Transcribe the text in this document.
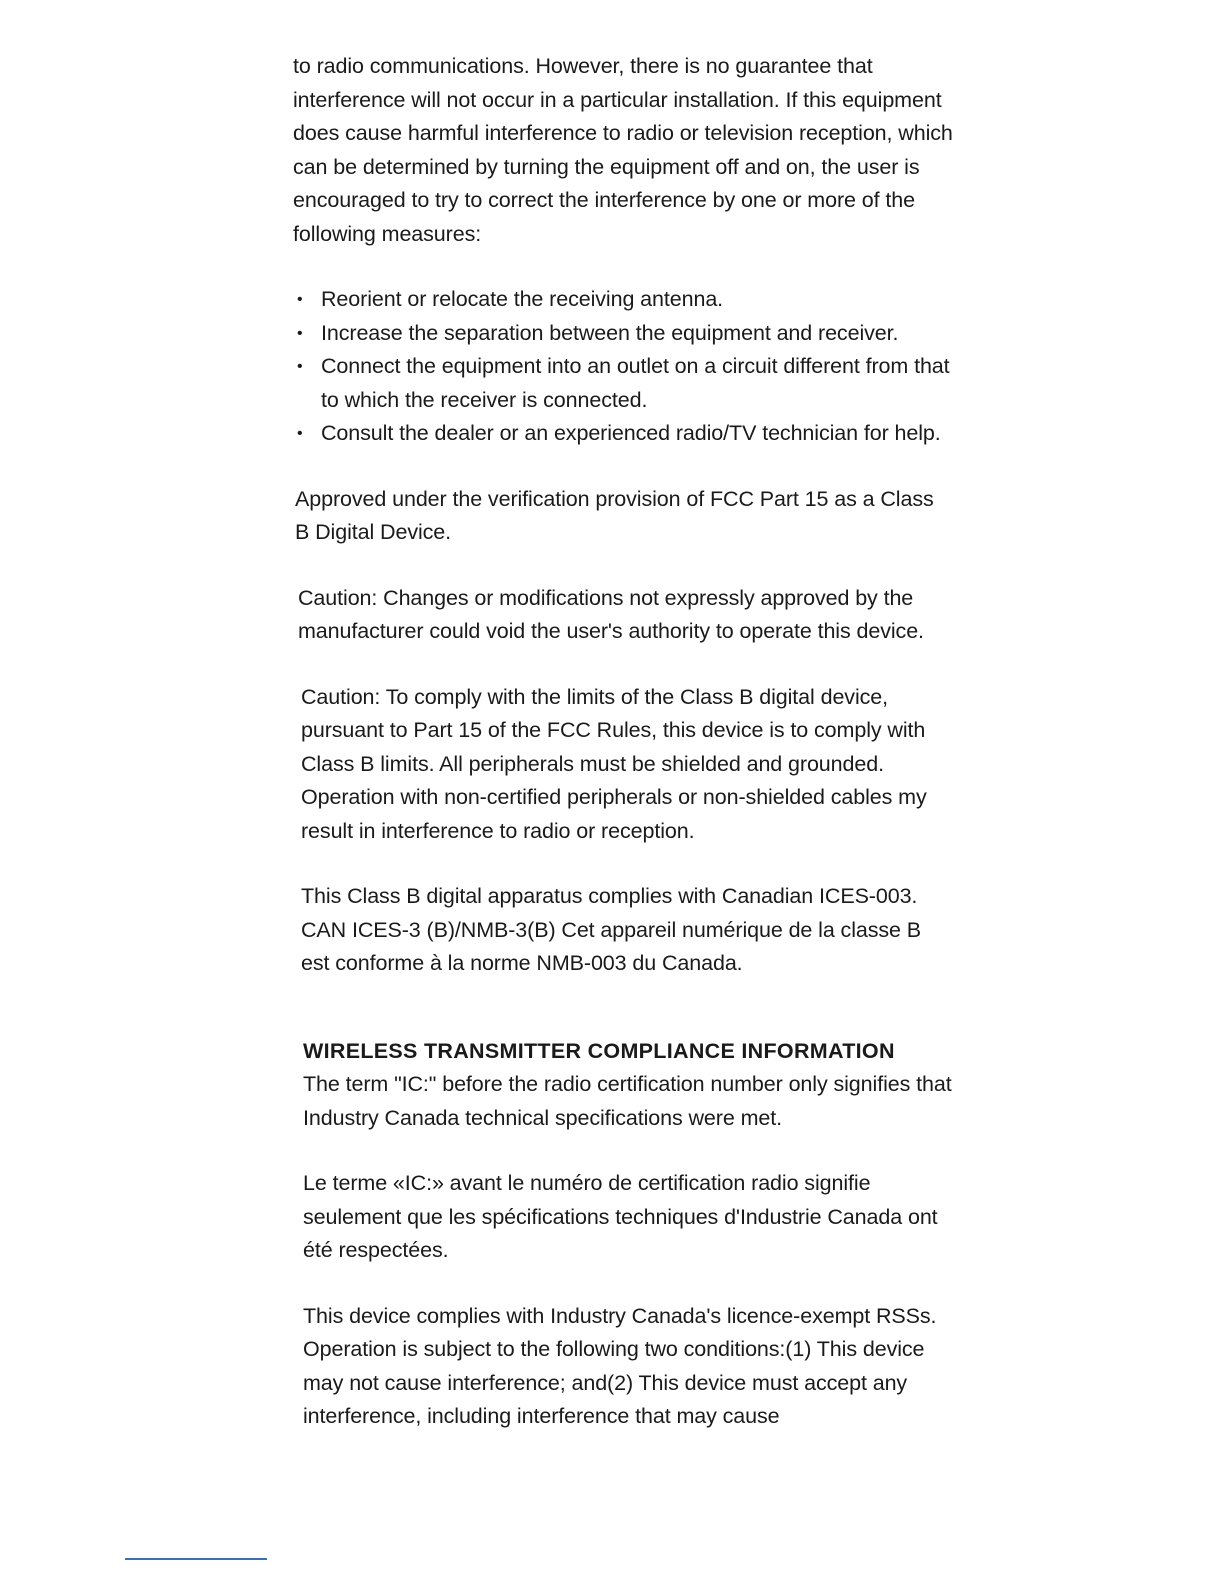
to radio communications. However, there is no guarantee that interference will not occur in a particular installation. If this equipment does cause harmful interference to radio or television reception, which can be determined by turning the equipment off and on, the user is encouraged to try to correct the interference by one or more of the following measures:

• Reorient or relocate the receiving antenna.
• Increase the separation between the equipment and receiver.
• Connect the equipment into an outlet on a circuit different from that to which the receiver is connected.
• Consult the dealer or an experienced radio/TV technician for help.

Approved under the verification provision of FCC Part 15 as a Class B Digital Device.

Caution: Changes or modifications not expressly approved by the manufacturer could void the user's authority to operate this device.

Caution: To comply with the limits of the Class B digital device, pursuant to Part 15 of the FCC Rules, this device is to comply with Class B limits. All peripherals must be shielded and grounded. Operation with non-certified peripherals or non-shielded cables my result in interference to radio or reception.

This Class B digital apparatus complies with Canadian ICES-003. CAN ICES-3 (B)/NMB-3(B) Cet appareil numérique de la classe B est conforme à la norme NMB-003 du Canada.

WIRELESS TRANSMITTER COMPLIANCE INFORMATION

The term "IC:" before the radio certification number only signifies that Industry Canada technical specifications were met.

Le terme «IC:» avant le numéro de certification radio signifie seulement que les spécifications techniques d'Industrie Canada ont été respectées.

This device complies with Industry Canada's licence-exempt RSSs. Operation is subject to the following two conditions:(1) This device may not cause interference; and(2) This device must accept any interference, including interference that may cause
